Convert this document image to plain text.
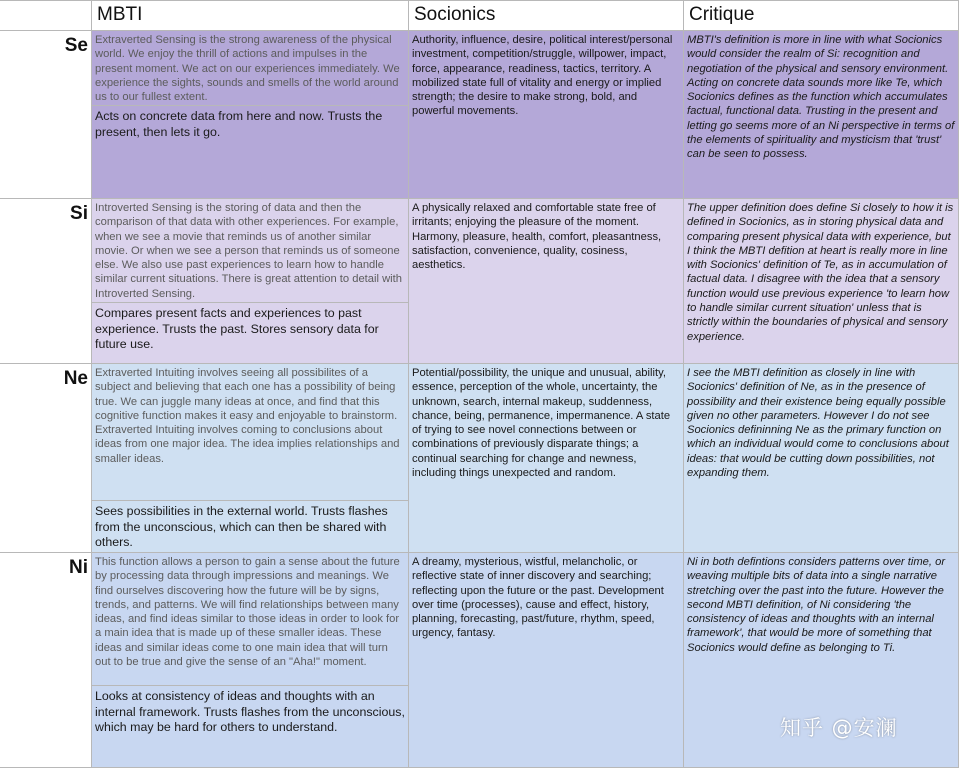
MBTI	Socionics	Critique
Se Extraverted Sensing is the strong awareness of the physical world. We enjoy the thrill of actions and impulses in the present moment. We act on our experiences immediately. We experience the sights, sounds and smells of the world around us to our fullest extent.
Acts on concrete data from here and now. Trusts the present, then lets it go.
Authority, influence, desire, political interest/personal investment, competition/struggle, willpower, impact, force, appearance, readiness, tactics, territory. A mobilized state full of vitality and energy or implied strength; the desire to make strong, bold, and powerful movements.
MBTI's definition is more in line with what Socionics would consider the realm of Si: recognition and negotiation of the physical and sensory environment. Acting on concrete data sounds more like Te, which Socionics defines as the function which accumulates factual, functional data. Trusting in the present and letting go seems more of an Ni perspective in terms of the elements of spirituality and mysticism that 'trust' can be seen to possess.
Si Introverted Sensing is the storing of data and then the comparison of that data with other experiences. For example, when we see a movie that reminds us of another similar movie. Or when we see a person that reminds us of someone else. We also use past experiences to learn how to handle similar current situations. There is great attention to detail with Introverted Sensing.
Compares present facts and experiences to past experience. Trusts the past. Stores sensory data for future use.
A physically relaxed and comfortable state free of irritants; enjoying the pleasure of the moment. Harmony, pleasure, health, comfort, pleasantness, satisfaction, convenience, quality, cosiness, aesthetics.
The upper definition does define Si closely to how it is defined in Socionics, as in storing physical data and comparing present physical data with experience, but I think the MBTI defition at heart is really more in line with Socionics' definition of Te, as in accumulation of factual data. I disagree with the idea that a sensory function would use previous experience 'to learn how to handle similar current situation' unless that is strictly within the boundaries of physical and sensory experience.
Ne Extraverted Intuiting involves seeing all possibilites of a subject and believing that each one has a possibility of being true. We can juggle many ideas at once, and find that this cognitive function makes it easy and enjoyable to brainstorm. Extraverted Intuiting involves coming to conclusions about ideas from one major idea. The idea implies relationships and smaller ideas.
Sees possibilities in the external world. Trusts flashes from the unconscious, which can then be shared with others.
Potential/possibility, the unique and unusual, ability, essence, perception of the whole, uncertainty, the unknown, search, internal makeup, suddenness, chance, being, permanence, impermanence. A state of trying to see novel connections between or combinations of previously disparate things; a continual searching for change and newness, including things unexpected and random.
I see the MBTI definition as closely in line with Socionics' definition of Ne, as in the presence of possibility and their existence being equally possible given no other parameters. However I do not see Socionics defininning Ne as the primary function on which an individual would come to conclusions about ideas: that would be cutting down possibilities, not expanding them.
Ni This function allows a person to gain a sense about the future by processing data through impressions and meanings. We find ourselves discovering how the future will be by signs, trends, and patterns. We will find relationships between many ideas, and find ideas similar to those ideas in order to look for a main idea that is made up of these smaller ideas. These ideas and similar ideas come to one main idea that will turn out to be true and give the sense of an "Aha!" moment.
Looks at consistency of ideas and thoughts with an internal framework. Trusts flashes from the unconscious, which may be hard for others to understand.
A dreamy, mysterious, wistful, melancholic, or reflective state of inner discovery and searching; reflecting upon the future or the past. Development over time (processes), cause and effect, history, planning, forecasting, past/future, rhythm, speed, urgency, fantasy.
Ni in both defintions considers patterns over time, or weaving multiple bits of data into a single narrative stretching over the past into the future. However the second MBTI definition, of Ni considering 'the consistency of ideas and thoughts with an internal framework', that would be more of something that Socionics would define as belonging to Ti.
知乎 @安澜
